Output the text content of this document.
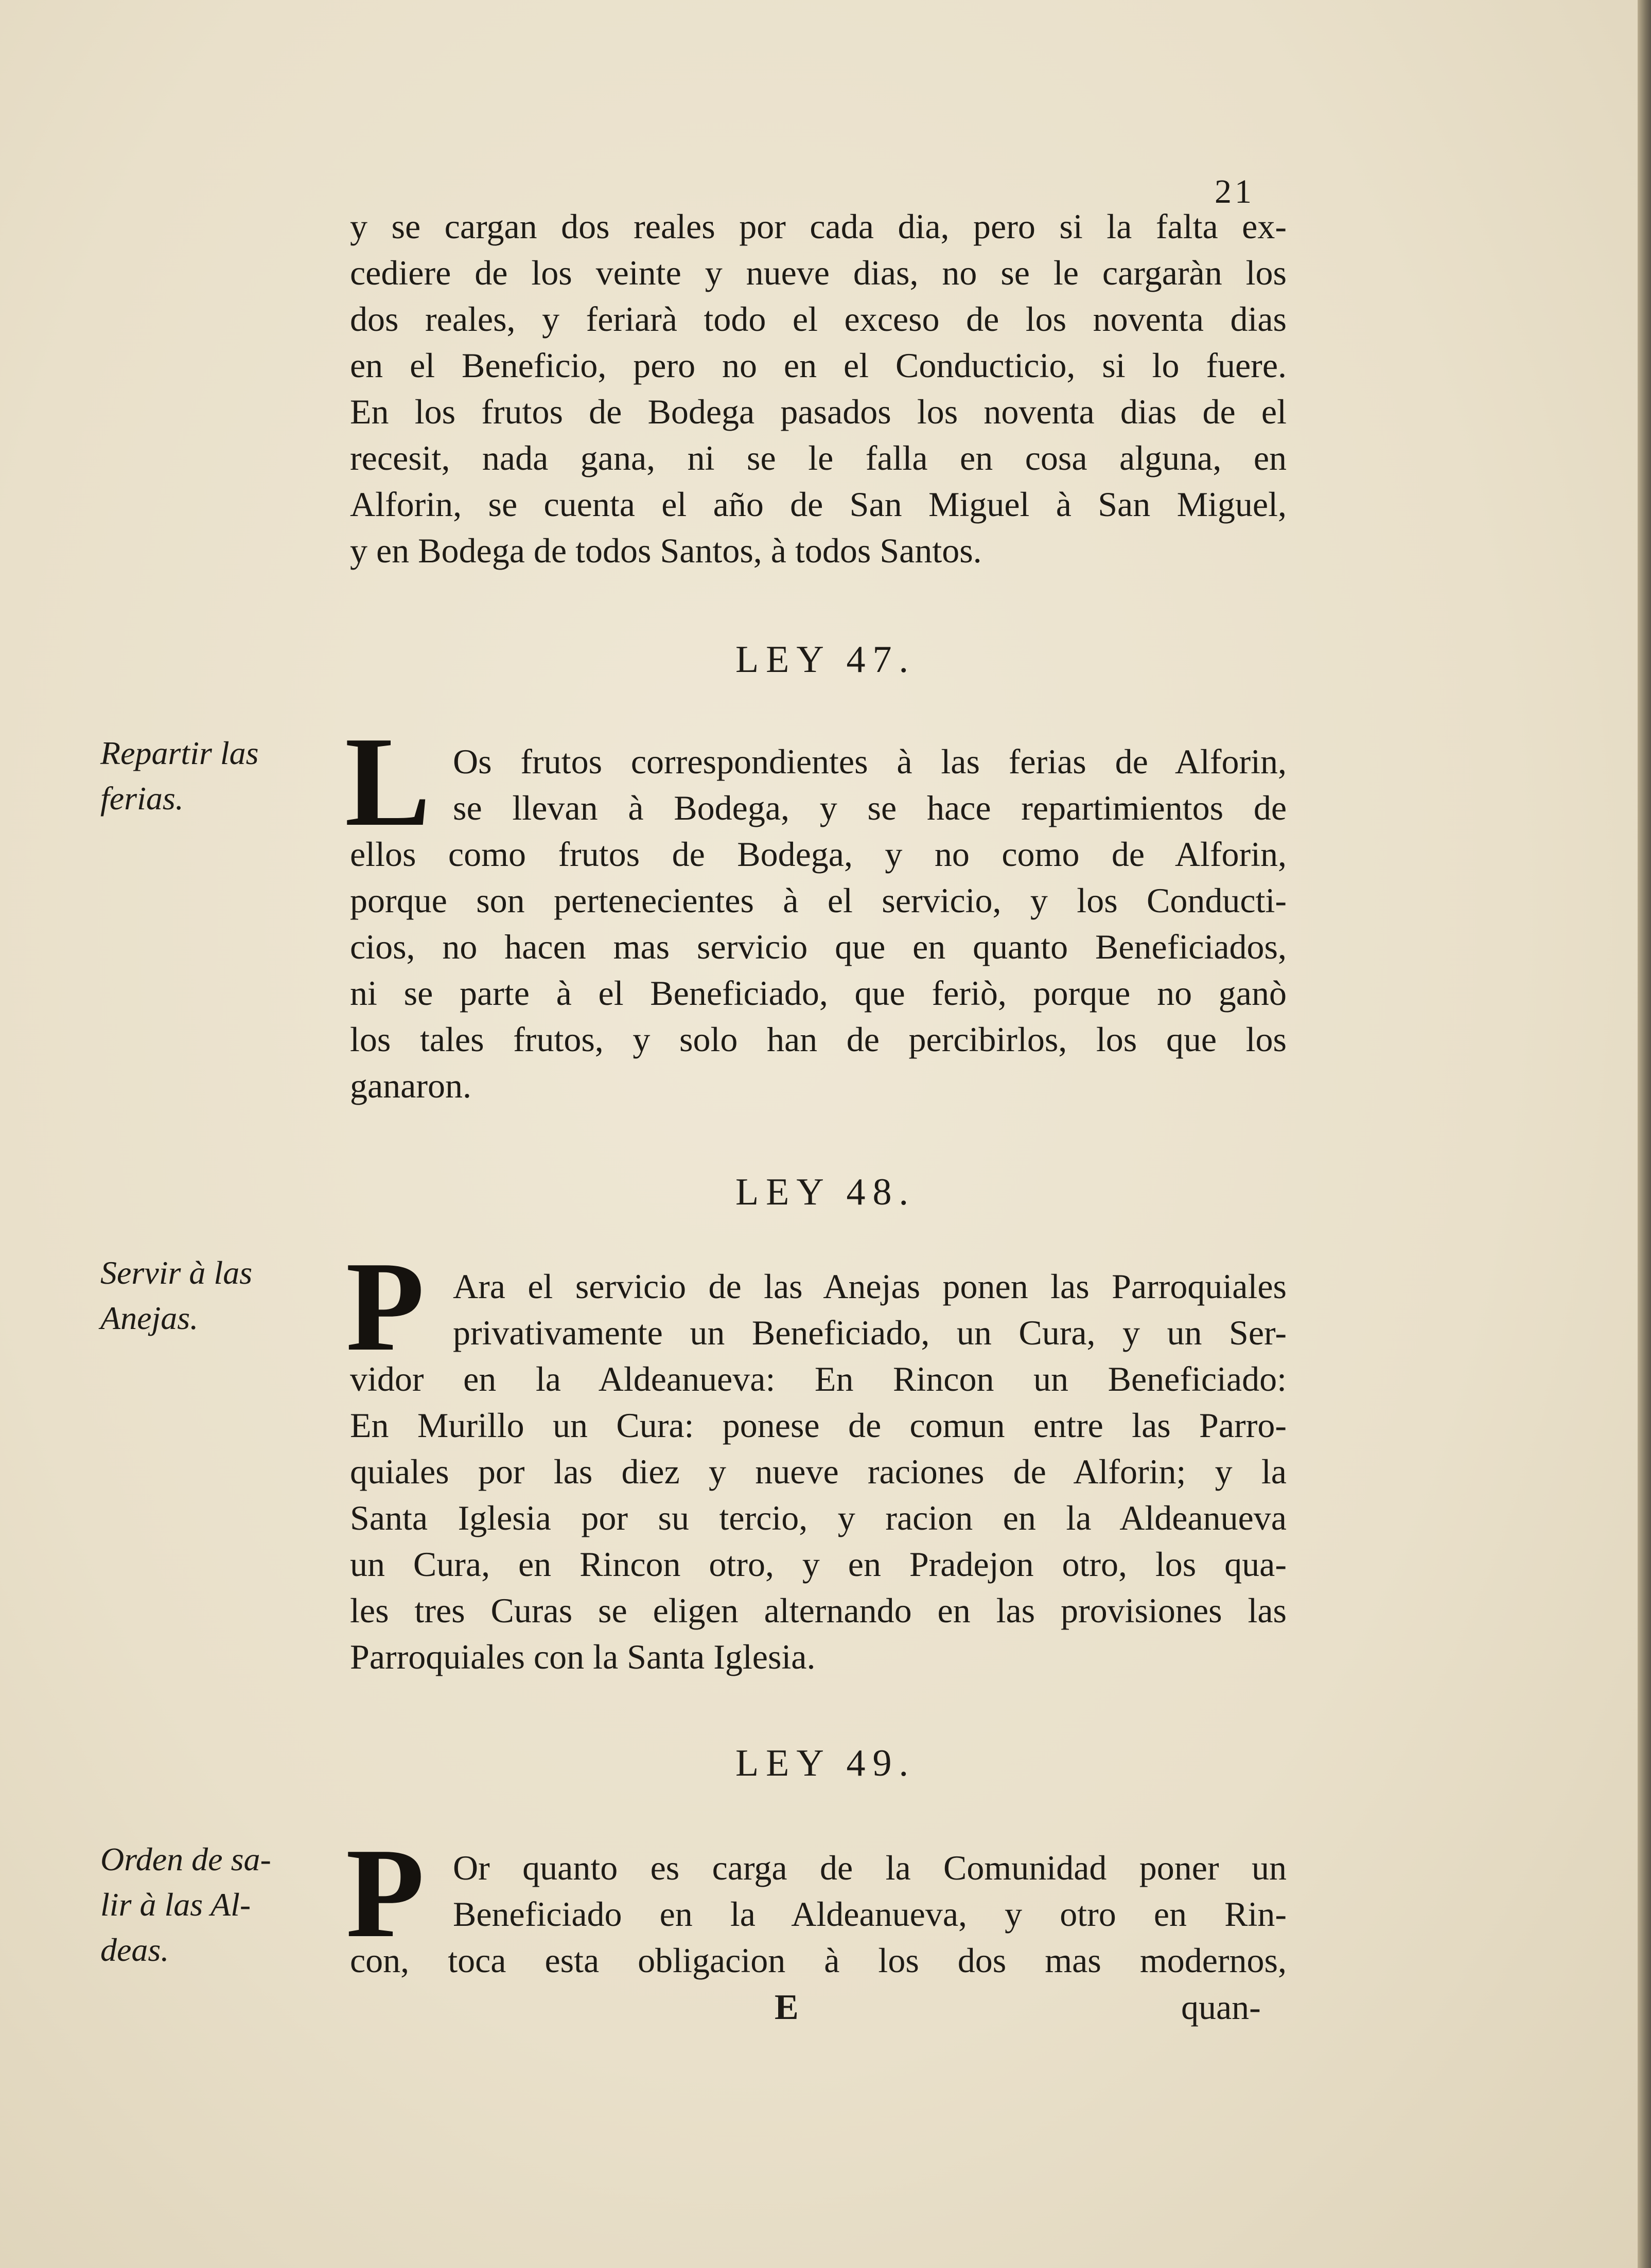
21
y se cargan dos reales por cada dia, pero si la falta ex-
cediere de los veinte y nueve dias, no se le cargaràn los
dos reales, y feriarà todo el exceso de los noventa dias
en el Beneficio, pero no en el Conducticio, si lo fuere.
En los frutos de Bodega pasados los noventa dias de el
recesit, nada gana, ni se le falla en cosa alguna, en
Alforin, se cuenta el año de San Miguel à San Miguel,
y en Bodega de todos Santos, à todos Santos.
LEY 47.
Repartir las
ferias.	L Os frutos correspondientes à las ferias de Alforin,
se llevan à Bodega, y se hace repartimientos de
ellos como frutos de Bodega, y no como de Alforin,
porque son pertenecientes à el servicio, y los Conducti-
cios, no hacen mas servicio que en quanto Beneficiados,
ni se parte à el Beneficiado, que feriò, porque no ganò
los tales frutos, y solo han de percibirlos, los que los
ganaron.
LEY 48.
Servir à las
Anejas.	P Ara el servicio de las Anejas ponen las Parroquiales
privativamente un Beneficiado, un Cura, y un Ser-
vidor en la Aldeanueva: En Rincon un Beneficiado:
En Murillo un Cura: ponese de comun entre las Parro-
quiales por las diez y nueve raciones de Alforin; y la
Santa Iglesia por su tercio, y racion en la Aldeanueva
un Cura, en Rincon otro, y en Pradejon otro, los qua-
les tres Curas se eligen alternando en las provisiones las
Parroquiales con la Santa Iglesia.
LEY 49.
Orden de sa-
lir à las Al-
deas.	P Or quanto es carga de la Comunidad poner un
Beneficiado en la Aldeanueva, y otro en Rin-
con, toca esta obligacion à los dos mas modernos,
E	quan-
